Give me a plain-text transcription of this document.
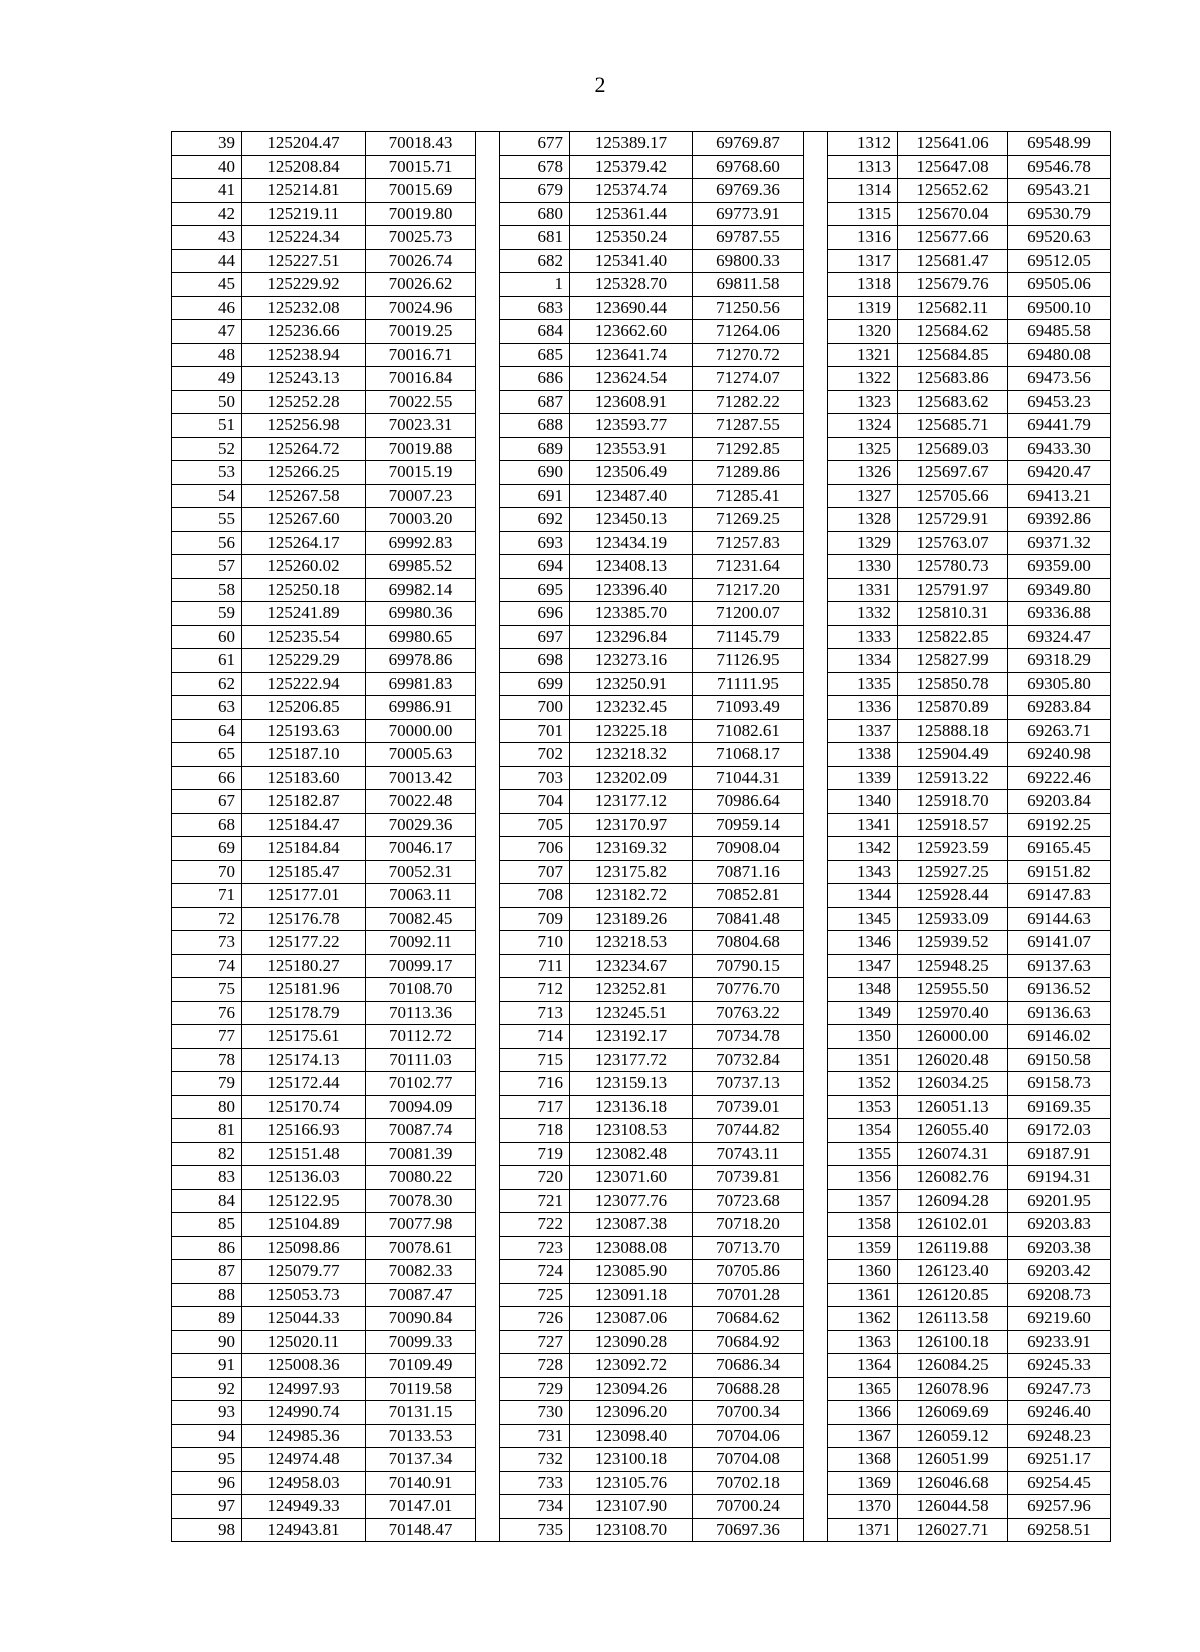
2
39	125204.47	70018.43		677	125389.17	69769.87		1312	125641.06	69548.99
40	125208.84	70015.71		678	125379.42	69768.60		1313	125647.08	69546.78
41	125214.81	70015.69		679	125374.74	69769.36		1314	125652.62	69543.21
42	125219.11	70019.80		680	125361.44	69773.91		1315	125670.04	69530.79
43	125224.34	70025.73		681	125350.24	69787.55		1316	125677.66	69520.63
44	125227.51	70026.74		682	125341.40	69800.33		1317	125681.47	69512.05
45	125229.92	70026.62		1	125328.70	69811.58		1318	125679.76	69505.06
46	125232.08	70024.96		683	123690.44	71250.56		1319	125682.11	69500.10
47	125236.66	70019.25		684	123662.60	71264.06		1320	125684.62	69485.58
48	125238.94	70016.71		685	123641.74	71270.72		1321	125684.85	69480.08
49	125243.13	70016.84		686	123624.54	71274.07		1322	125683.86	69473.56
50	125252.28	70022.55		687	123608.91	71282.22		1323	125683.62	69453.23
51	125256.98	70023.31		688	123593.77	71287.55		1324	125685.71	69441.79
52	125264.72	70019.88		689	123553.91	71292.85		1325	125689.03	69433.30
53	125266.25	70015.19		690	123506.49	71289.86		1326	125697.67	69420.47
54	125267.58	70007.23		691	123487.40	71285.41		1327	125705.66	69413.21
55	125267.60	70003.20		692	123450.13	71269.25		1328	125729.91	69392.86
56	125264.17	69992.83		693	123434.19	71257.83		1329	125763.07	69371.32
57	125260.02	69985.52		694	123408.13	71231.64		1330	125780.73	69359.00
58	125250.18	69982.14		695	123396.40	71217.20		1331	125791.97	69349.80
59	125241.89	69980.36		696	123385.70	71200.07		1332	125810.31	69336.88
60	125235.54	69980.65		697	123296.84	71145.79		1333	125822.85	69324.47
61	125229.29	69978.86		698	123273.16	71126.95		1334	125827.99	69318.29
62	125222.94	69981.83		699	123250.91	71111.95		1335	125850.78	69305.80
63	125206.85	69986.91		700	123232.45	71093.49		1336	125870.89	69283.84
64	125193.63	70000.00		701	123225.18	71082.61		1337	125888.18	69263.71
65	125187.10	70005.63		702	123218.32	71068.17		1338	125904.49	69240.98
66	125183.60	70013.42		703	123202.09	71044.31		1339	125913.22	69222.46
67	125182.87	70022.48		704	123177.12	70986.64		1340	125918.70	69203.84
68	125184.47	70029.36		705	123170.97	70959.14		1341	125918.57	69192.25
69	125184.84	70046.17		706	123169.32	70908.04		1342	125923.59	69165.45
70	125185.47	70052.31		707	123175.82	70871.16		1343	125927.25	69151.82
71	125177.01	70063.11		708	123182.72	70852.81		1344	125928.44	69147.83
72	125176.78	70082.45		709	123189.26	70841.48		1345	125933.09	69144.63
73	125177.22	70092.11		710	123218.53	70804.68		1346	125939.52	69141.07
74	125180.27	70099.17		711	123234.67	70790.15		1347	125948.25	69137.63
75	125181.96	70108.70		712	123252.81	70776.70		1348	125955.50	69136.52
76	125178.79	70113.36		713	123245.51	70763.22		1349	125970.40	69136.63
77	125175.61	70112.72		714	123192.17	70734.78		1350	126000.00	69146.02
78	125174.13	70111.03		715	123177.72	70732.84		1351	126020.48	69150.58
79	125172.44	70102.77		716	123159.13	70737.13		1352	126034.25	69158.73
80	125170.74	70094.09		717	123136.18	70739.01		1353	126051.13	69169.35
81	125166.93	70087.74		718	123108.53	70744.82		1354	126055.40	69172.03
82	125151.48	70081.39		719	123082.48	70743.11		1355	126074.31	69187.91
83	125136.03	70080.22		720	123071.60	70739.81		1356	126082.76	69194.31
84	125122.95	70078.30		721	123077.76	70723.68		1357	126094.28	69201.95
85	125104.89	70077.98		722	123087.38	70718.20		1358	126102.01	69203.83
86	125098.86	70078.61		723	123088.08	70713.70		1359	126119.88	69203.38
87	125079.77	70082.33		724	123085.90	70705.86		1360	126123.40	69203.42
88	125053.73	70087.47		725	123091.18	70701.28		1361	126120.85	69208.73
89	125044.33	70090.84		726	123087.06	70684.62		1362	126113.58	69219.60
90	125020.11	70099.33		727	123090.28	70684.92		1363	126100.18	69233.91
91	125008.36	70109.49		728	123092.72	70686.34		1364	126084.25	69245.33
92	124997.93	70119.58		729	123094.26	70688.28		1365	126078.96	69247.73
93	124990.74	70131.15		730	123096.20	70700.34		1366	126069.69	69246.40
94	124985.36	70133.53		731	123098.40	70704.06		1367	126059.12	69248.23
95	124974.48	70137.34		732	123100.18	70704.08		1368	126051.99	69251.17
96	124958.03	70140.91		733	123105.76	70702.18		1369	126046.68	69254.45
97	124949.33	70147.01		734	123107.90	70700.24		1370	126044.58	69257.96
98	124943.81	70148.47		735	123108.70	70697.36		1371	126027.71	69258.51
